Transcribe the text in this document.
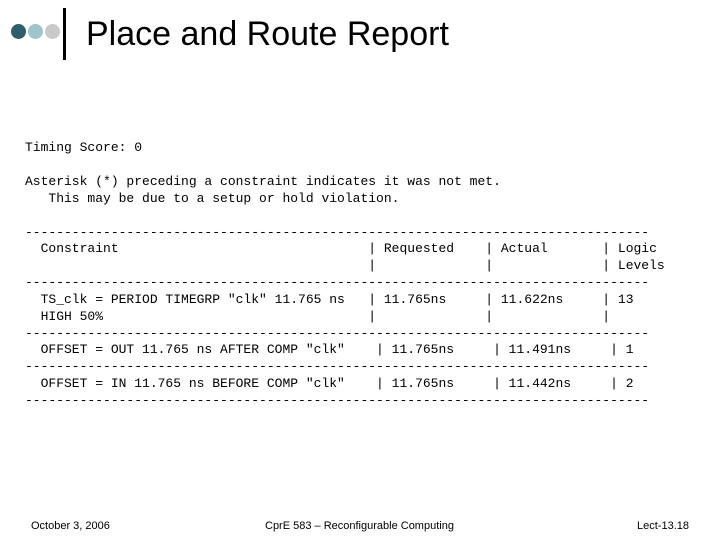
Place and Route Report
Timing Score: 0
Asterisk (*) preceding a constraint indicates it was not met.
This may be due to a setup or hold violation.
--------------------------------------------------------------------------------
Constraint                                | Requested    | Actual       | Logic
|              |              | Levels
--------------------------------------------------------------------------------
TS_clk = PERIOD TIMEGRP "clk" 11.765 ns   | 11.765ns     | 11.622ns     | 13
HIGH 50%                                  |              |              |
--------------------------------------------------------------------------------
OFFSET = OUT 11.765 ns AFTER COMP "clk"    | 11.765ns     | 11.491ns     | 1
--------------------------------------------------------------------------------
OFFSET = IN 11.765 ns BEFORE COMP "clk"    | 11.765ns     | 11.442ns     | 2
--------------------------------------------------------------------------------
October 3, 2006	CprE 583 – Reconfigurable Computing	Lect-13.18
